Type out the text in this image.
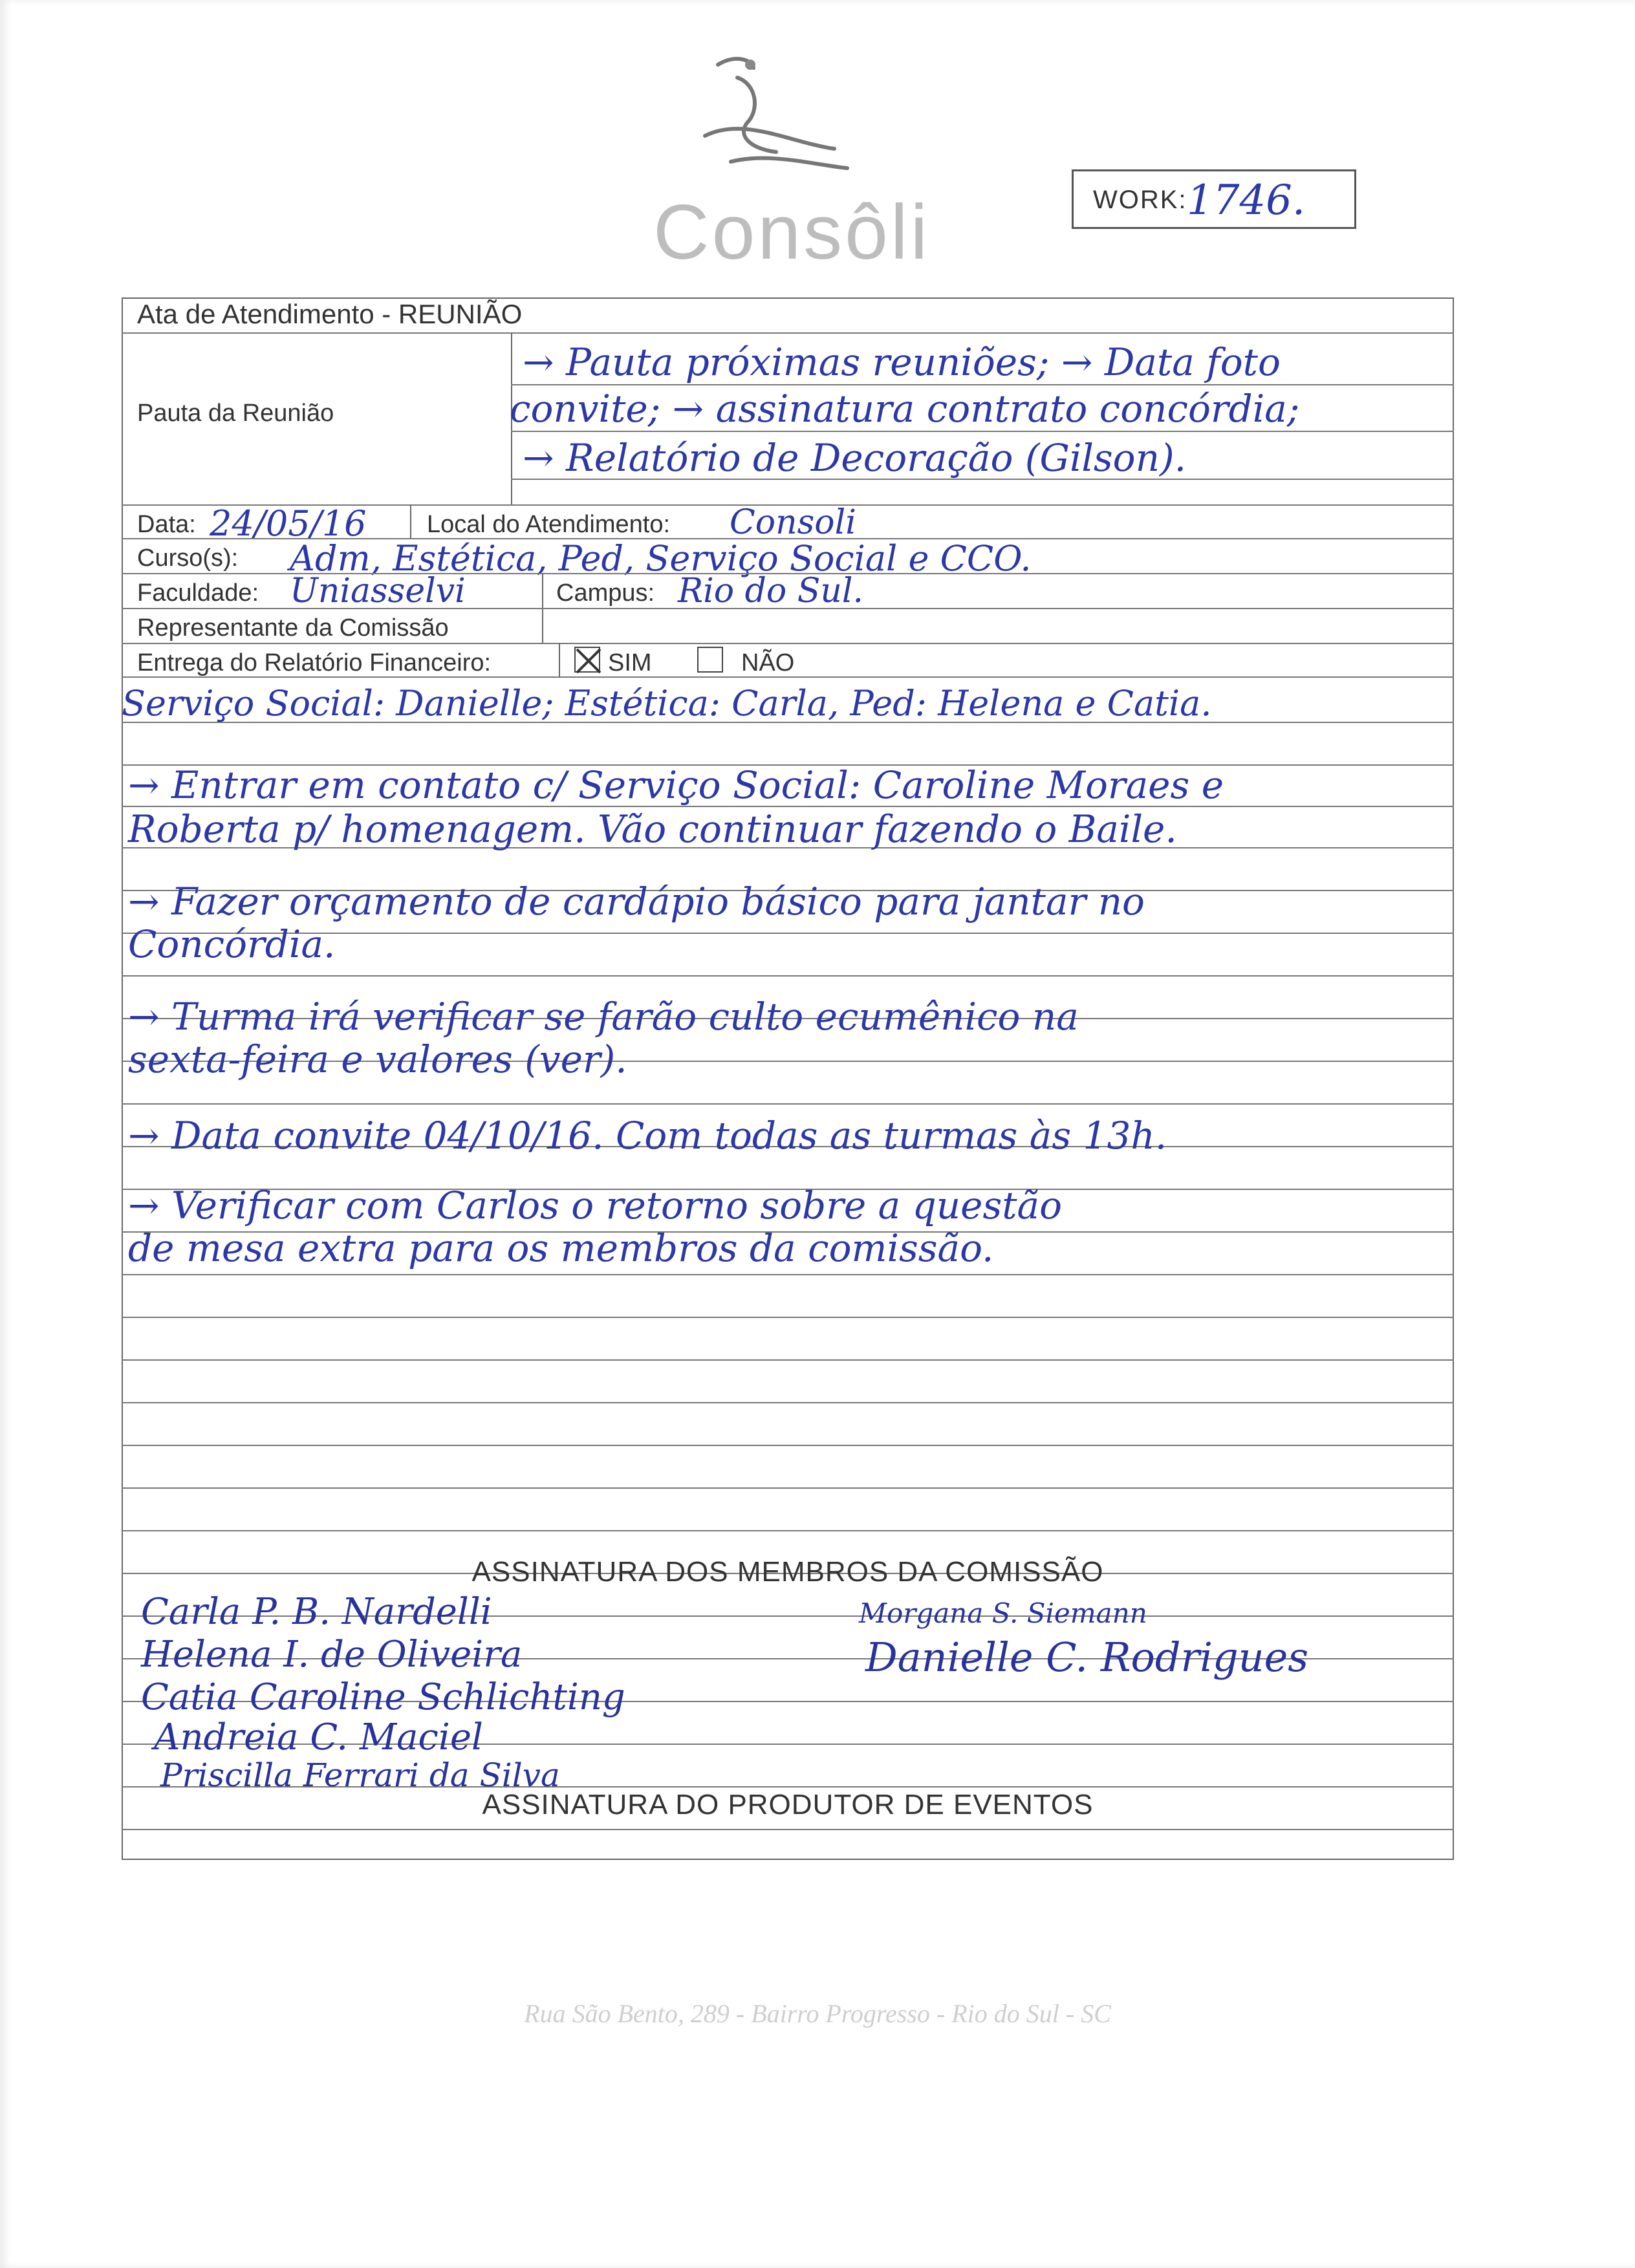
Consôli	WORK: 1746.
Ata de Atendimento - REUNIÃO
Pauta da Reunião
→ Pauta próximas reuniões; → Data foto
convite; → assinatura contrato concórdia;
→ Relatório de Decoração (Gilson).
Data: 24/05/16 Local do Atendimento: Consoli
Curso(s): Adm, Estética, Ped, Serviço Social e CCO.
Faculdade: Uniasselvi	Campus: Rio do Sul.
Representante da Comissão
Entrega do Relatório Financeiro:	SIM	NÃO
Serviço Social: Danielle; Estética: Carla, Ped: Helena e Catia.
→ Entrar em contato c/ Serviço Social: Caroline Moraes e
Roberta p/ homenagem. Vão continuar fazendo o Baile.
→ Fazer orçamento de cardápio básico para jantar no
Concórdia.
→ Turma irá verificar se farão culto ecumênico na
sexta-feira e valores (ver).
→ Data convite 04/10/16. Com todas as turmas às 13h.
→ Verificar com Carlos o retorno sobre a questão
de mesa extra para os membros da comissão.
ASSINATURA DOS MEMBROS DA COMISSÃO
Carla P. B. Nardelli
Helena I. de Oliveira
Catia Caroline Schlichting
Andreia C. Maciel
Priscilla Ferrari da Silva
Morgana S. Siemann
Danielle C. Rodrigues
ASSINATURA DO PRODUTOR DE EVENTOS
Rua São Bento, 289 - Bairro Progresso - Rio do Sul - SC
